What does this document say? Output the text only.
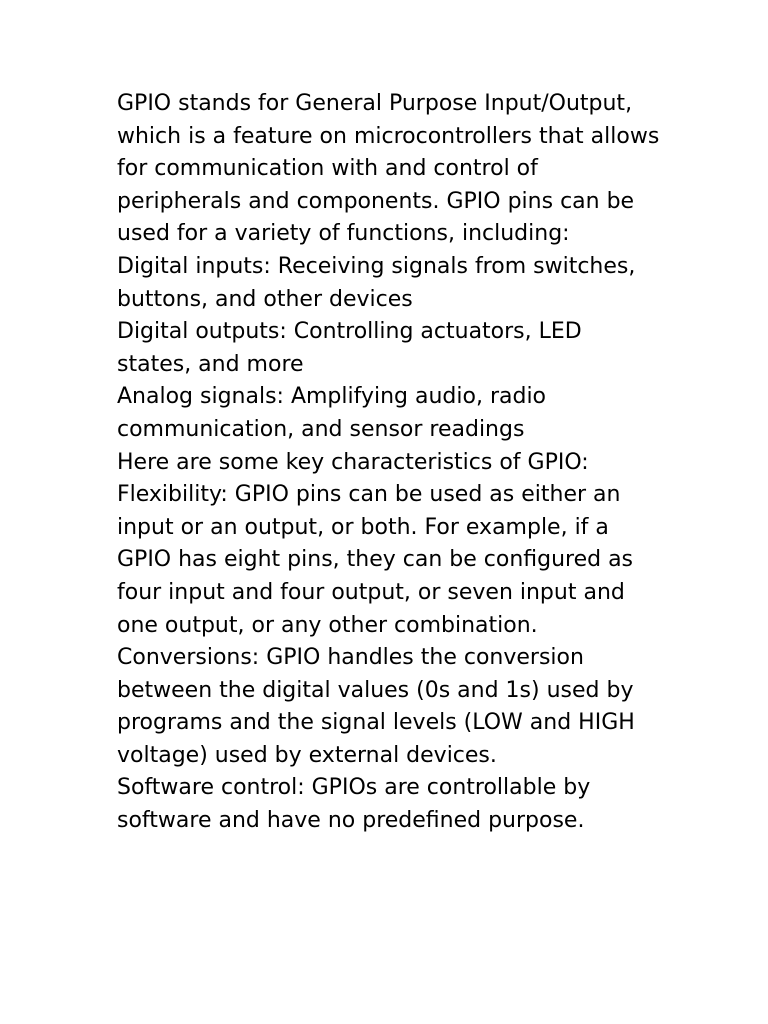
GPIO stands for General Purpose Input/Output, which is a feature on microcontrollers that allows for communication with and control of peripherals and components. GPIO pins can be used for a variety of functions, including:

Digital inputs: Receiving signals from switches, buttons, and other devices

Digital outputs: Controlling actuators, LED states, and more

Analog signals: Amplifying audio, radio communication, and sensor readings

Here are some key characteristics of GPIO:

Flexibility: GPIO pins can be used as either an input or an output, or both. For example, if a GPIO has eight pins, they can be configured as four input and four output, or seven input and one output, or any other combination.

Conversions: GPIO handles the conversion between the digital values (0s and 1s) used by programs and the signal levels (LOW and HIGH voltage) used by external devices.

Software control: GPIOs are controllable by software and have no predefined purpose.
